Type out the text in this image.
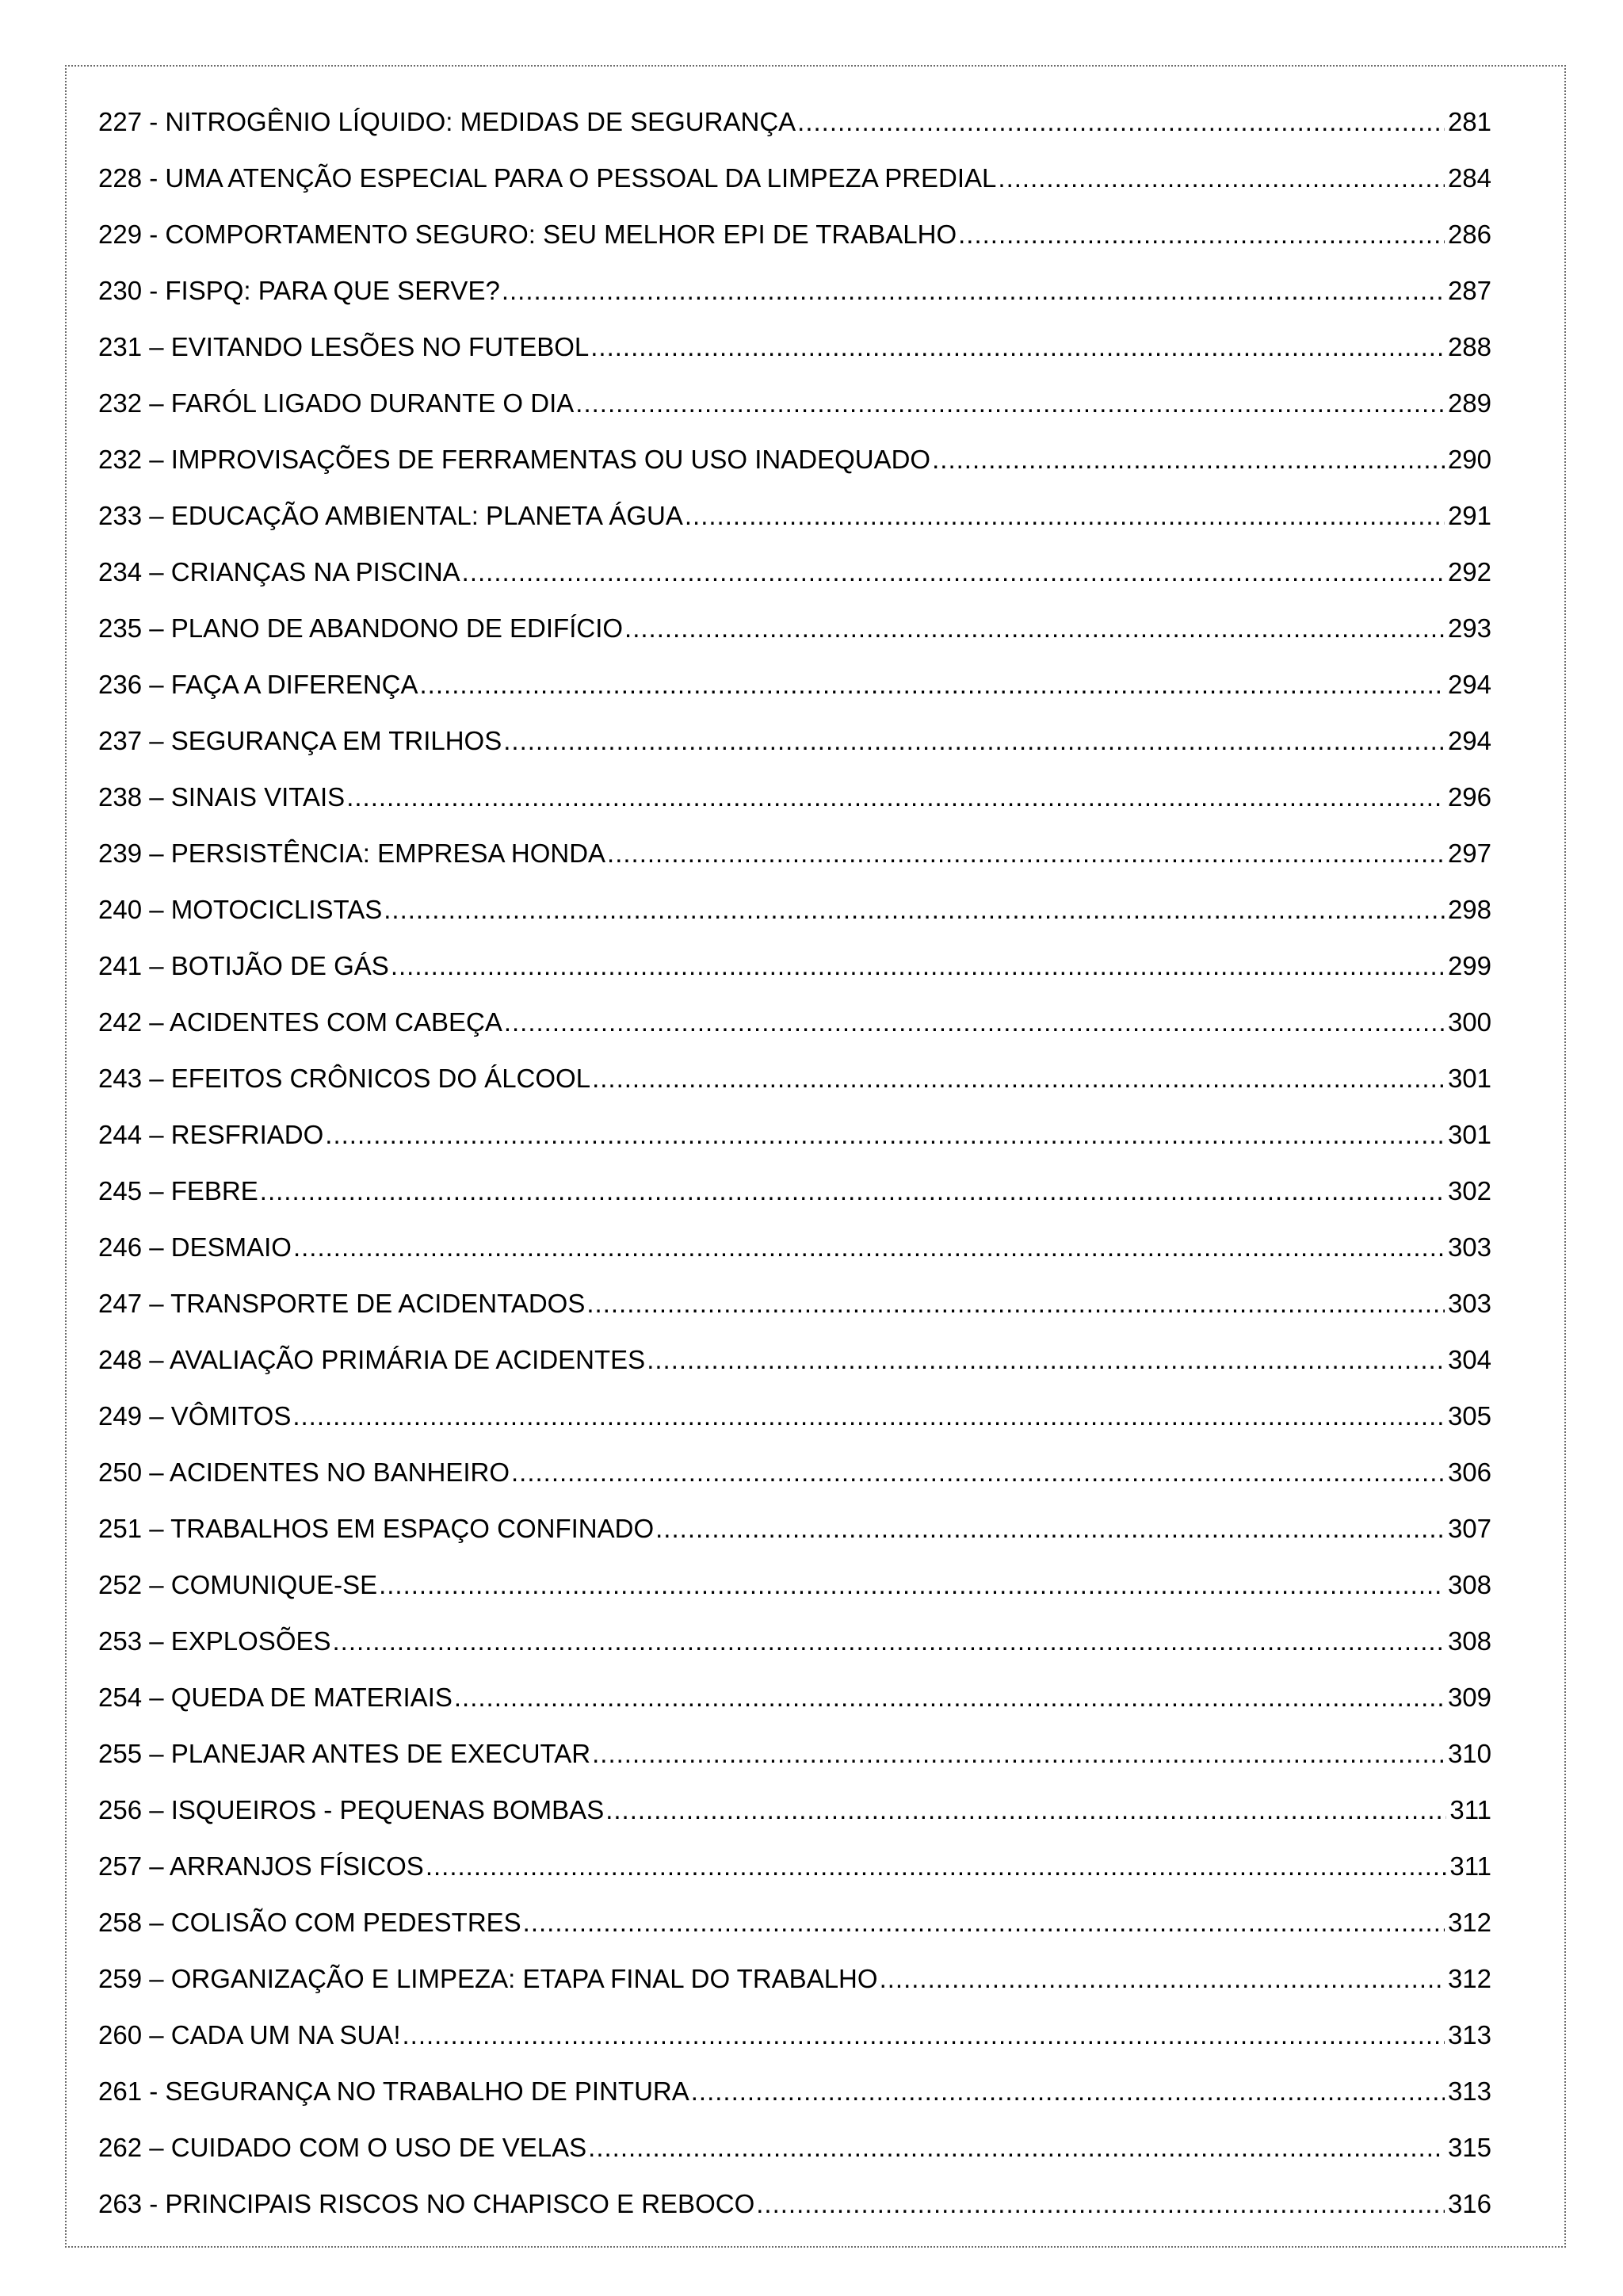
227 - NITROGÊNIO LÍQUIDO: MEDIDAS DE SEGURANÇA .....	281
228 - UMA ATENÇÃO ESPECIAL PARA O PESSOAL DA LIMPEZA PREDIAL .....	284
229 - COMPORTAMENTO SEGURO: SEU MELHOR EPI DE TRABALHO .....	286
230 - FISPQ: PARA QUE SERVE? .....	287
231 – EVITANDO LESÕES NO FUTEBOL .....	288
232 – FARÓL LIGADO DURANTE O DIA .....	289
232 – IMPROVISAÇÕES DE FERRAMENTAS OU USO INADEQUADO .....	290
233 – EDUCAÇÃO AMBIENTAL: PLANETA ÁGUA .....	291
234 – CRIANÇAS NA PISCINA .....	292
235 – PLANO DE ABANDONO DE EDIFÍCIO .....	293
236 – FAÇA A DIFERENÇA .....	294
237 – SEGURANÇA EM TRILHOS .....	294
238 – SINAIS VITAIS .....	296
239 – PERSISTÊNCIA: EMPRESA HONDA .....	297
240 – MOTOCICLISTAS .....	298
241 – BOTIJÃO DE GÁS .....	299
242 – ACIDENTES COM CABEÇA .....	300
243 – EFEITOS CRÔNICOS DO ÁLCOOL .....	301
244 – RESFRIADO .....	301
245 – FEBRE .....	302
246 – DESMAIO .....	303
247 – TRANSPORTE DE ACIDENTADOS .....	303
248 – AVALIAÇÃO PRIMÁRIA DE ACIDENTES .....	304
249 – VÔMITOS .....	305
250 – ACIDENTES NO BANHEIRO .....	306
251 – TRABALHOS EM ESPAÇO CONFINADO .....	307
252 – COMUNIQUE-SE .....	308
253 – EXPLOSÕES .....	308
254 – QUEDA DE MATERIAIS .....	309
255 – PLANEJAR ANTES DE EXECUTAR .....	310
256 – ISQUEIROS - PEQUENAS BOMBAS .....	311
257 – ARRANJOS FÍSICOS .....	311
258 – COLISÃO COM PEDESTRES .....	312
259 – ORGANIZAÇÃO E LIMPEZA: ETAPA FINAL DO TRABALHO .....	312
260 – CADA UM NA SUA! .....	313
261 - SEGURANÇA NO TRABALHO DE PINTURA .....	313
262 – CUIDADO COM O USO DE VELAS .....	315
263 - PRINCIPAIS RISCOS NO CHAPISCO E REBOCO .....	316
